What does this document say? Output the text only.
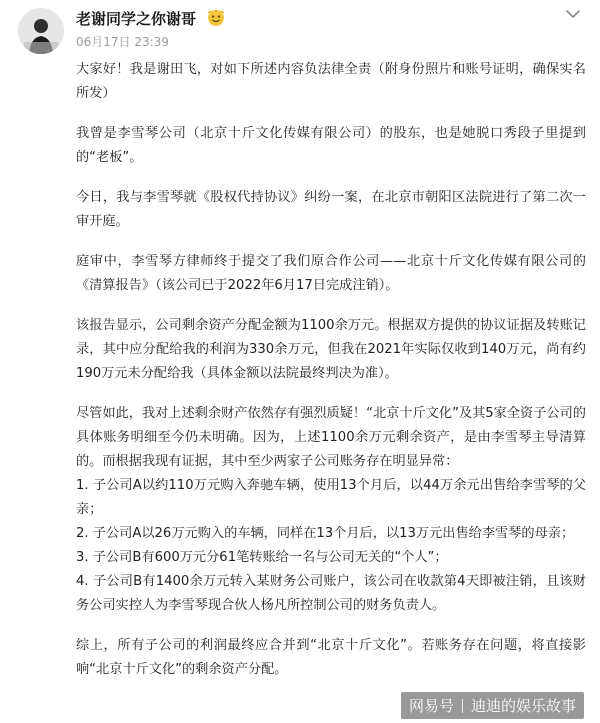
老谢同学之你谢哥
06月17日 23:39
大家好！我是谢田飞，对如下所述内容负法律全责（附身份照片和账号证明，确保实名所发）
我曾是李雪琴公司（北京十斤文化传媒有限公司）的股东，也是她脱口秀段子里提到的“老板”。
今日，我与李雪琴就《股权代持协议》纠纷一案，在北京市朝阳区法院进行了第二次一审开庭。
庭审中，李雪琴方律师终于提交了我们原合作公司——北京十斤文化传媒有限公司的《清算报告》（该公司已于2022年6月17日完成注销）。
该报告显示，公司剩余资产分配金额为1100余万元。根据双方提供的协议证据及转账记录，其中应分配给我的利润为330余万元，但我在2021年实际仅收到140万元，尚有约190万元未分配给我（具体金额以法院最终判决为准）。

尽管如此，我对上述剩余财产依然存有强烈质疑！“北京十斤文化”及其5家全资子公司的具体账务明细至今仍未明确。因为，上述1100余万元剩余资产，是由李雪琴主导清算的。而根据我现有证据，其中至少两家子公司账务存在明显异常：

1. 子公司A以约110万元购入奔驰车辆，使用13个月后，以44万余元出售给李雪琴的父亲；

2. 子公司A以26万元购入的车辆，同样在13个月后，以13万元出售给李雪琴的母亲；

3. 子公司B有600万元分61笔转账给一名与公司无关的“个人”；

4. 子公司B有1400余万元转入某财务公司账户，该公司在收款第4天即被注销，且该财务公司实控人为李雪琴现合伙人杨凡所控制公司的财务负责人。

综上，所有子公司的利润最终应合并到“北京十斤文化”。若账务存在问题，将直接影响“北京十斤文化”的剩余资产分配。
网易号 迪迪的娱乐故事
